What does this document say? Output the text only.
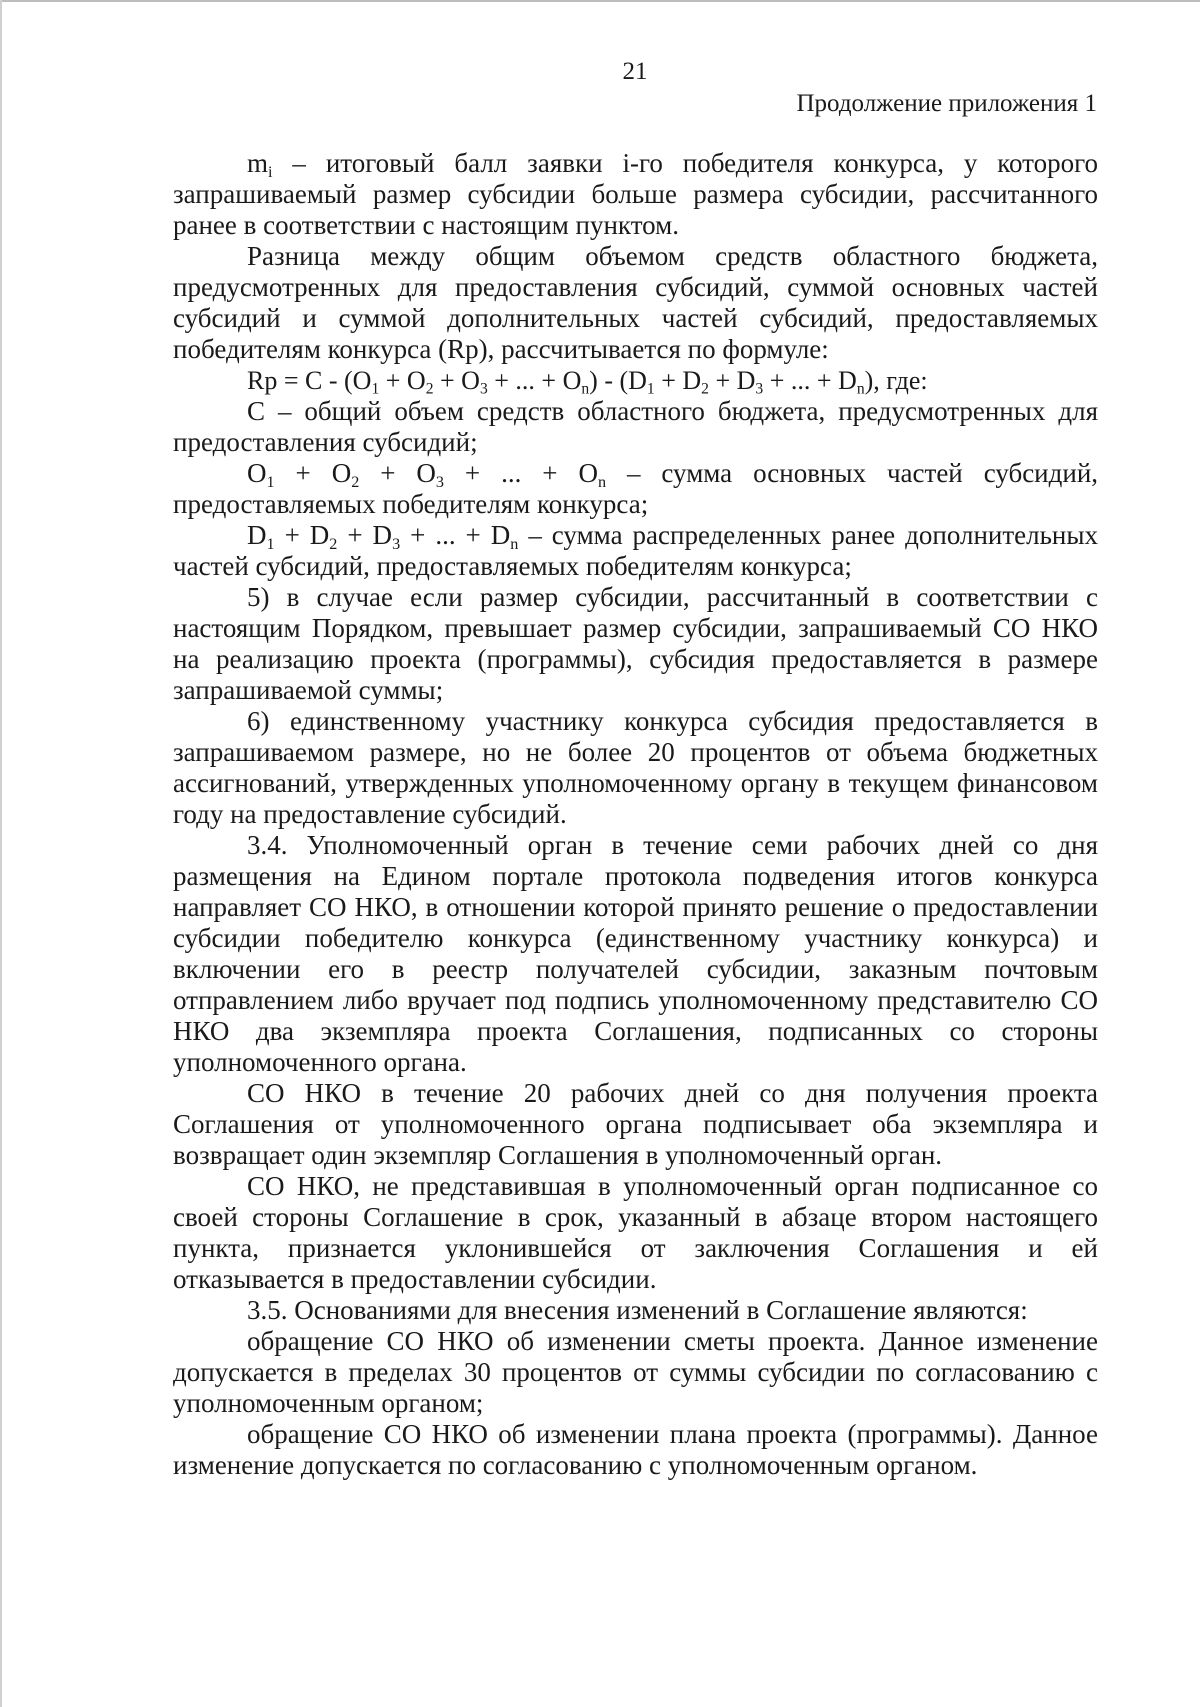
21
Продолжение приложения 1

$m_i$ – итоговый балл заявки i-го победителя конкурса, у которого запрашиваемый размер субсидии больше размера субсидии, рассчитанного ранее в соответствии с настоящим пунктом.

Разница между общим объемом средств областного бюджета, предусмотренных для предоставления субсидий, суммой основных частей субсидий и суммой дополнительных частей субсидий, предоставляемых победителям конкурса (Rp), рассчитывается по формуле:

$Rp = C - (O_1 + O_2 + O_3$ + ... + $O_n) - (D_1 + D_2 + D_3$ + ... + $D_n$), где:

C – общий объем средств областного бюджета, предусмотренных для предоставления субсидий;

$O_1 + O_2 + O_3$ + ... + $O_n$ – сумма основных частей субсидий, предоставляемых победителям конкурса;

$D_1 + D_2 + D_3$ + ... + $D_n$ – сумма распределенных ранее дополнительных частей субсидий, предоставляемых победителям конкурса;

5) в случае если размер субсидии, рассчитанный в соответствии с настоящим Порядком, превышает размер субсидии, запрашиваемый СО НКО на реализацию проекта (программы), субсидия предоставляется в размере запрашиваемой суммы;

6) единственному участнику конкурса субсидия предоставляется в запрашиваемом размере, но не более 20 процентов от объема бюджетных ассигнований, утвержденных уполномоченному органу в текущем финансовом году на предоставление субсидий.

3.4. Уполномоченный орган в течение семи рабочих дней со дня размещения на Едином портале протокола подведения итогов конкурса направляет СО НКО, в отношении которой принято решение о предоставлении субсидии победителю конкурса (единственному участнику конкурса) и включении его в реестр получателей субсидии, заказным почтовым отправлением либо вручает под подпись уполномоченному представителю СО НКО два экземпляра проекта Соглашения, подписанных со стороны уполномоченного органа.

СО НКО в течение 20 рабочих дней со дня получения проекта Соглашения от уполномоченного органа подписывает оба экземпляра и возвращает один экземпляр Соглашения в уполномоченный орган.

СО НКО, не представившая в уполномоченный орган подписанное со своей стороны Соглашение в срок, указанный в абзаце втором настоящего пункта, признается уклонившейся от заключения Соглашения и ей отказывается в предоставлении субсидии.

3.5. Основаниями для внесения изменений в Соглашение являются:

обращение СО НКО об изменении сметы проекта. Данное изменение допускается в пределах 30 процентов от суммы субсидии по согласованию с уполномоченным органом;

обращение СО НКО об изменении плана проекта (программы). Данное изменение допускается по согласованию с уполномоченным органом.
